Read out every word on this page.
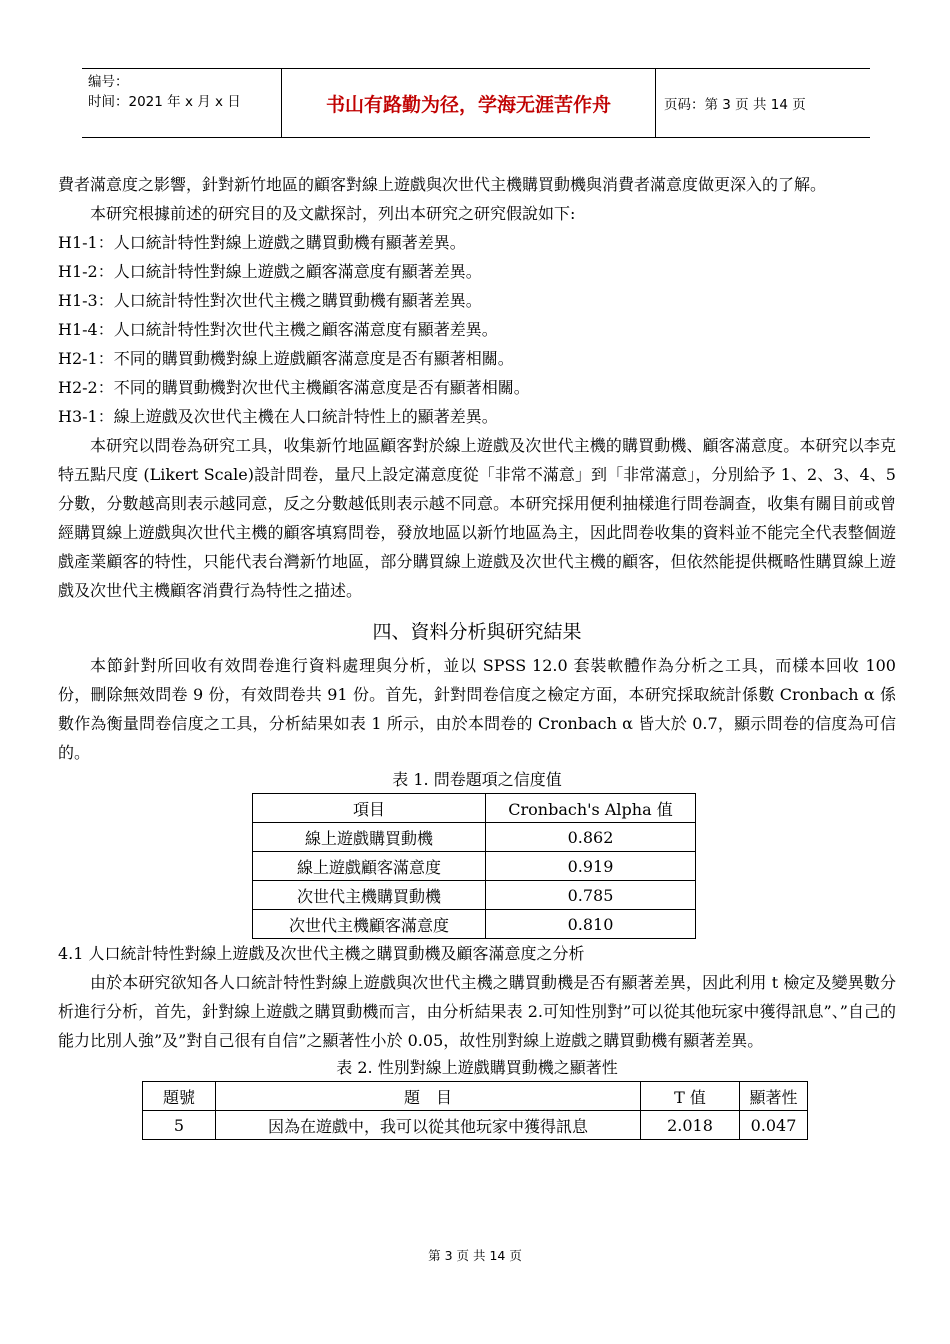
编号：
时间：2021 年 x 月 x 日	书山有路勤为径，学海无涯苦作舟	页码：第 3 页 共 14 页

費者滿意度之影響，針對新竹地區的顧客對線上遊戲與次世代主機購買動機與消費者滿意度做更深入的了解。

本研究根據前述的研究目的及文獻探討，列出本研究之研究假說如下:

H1-1：人口統計特性對線上遊戲之購買動機有顯著差異。

H1-2：人口統計特性對線上遊戲之顧客滿意度有顯著差異。

H1-3：人口統計特性對次世代主機之購買動機有顯著差異。

H1-4：人口統計特性對次世代主機之顧客滿意度有顯著差異。

H2-1：不同的購買動機對線上遊戲顧客滿意度是否有顯著相關。

H2-2：不同的購買動機對次世代主機顧客滿意度是否有顯著相關。

H3-1：線上遊戲及次世代主機在人口統計特性上的顯著差異。

本研究以問卷為研究工具，收集新竹地區顧客對於線上遊戲及次世代主機的購買動機、顧客滿意度。本研究以李克特五點尺度 (Likert Scale)設計問卷，量尺上設定滿意度從「非常不滿意」到「非常滿意」，分別給予 1、2、3、4、5 分數，分數越高則表示越同意，反之分數越低則表示越不同意。本研究採用便利抽樣進行問卷調查，收集有關目前或曾經購買線上遊戲與次世代主機的顧客填寫問卷，發放地區以新竹地區為主，因此問卷收集的資料並不能完全代表整個遊戲產業顧客的特性，只能代表台灣新竹地區，部分購買線上遊戲及次世代主機的顧客，但依然能提供概略性購買線上遊戲及次世代主機顧客消費行為特性之描述。

四、資料分析與研究結果

本節針對所回收有效問卷進行資料處理與分析，並以 SPSS 12.0 套裝軟體作為分析之工具，而樣本回收 100 份，刪除無效問卷 9 份，有效問卷共 91 份。首先，針對問卷信度之檢定方面，本研究採取統計係數 Cronbach α 係數作為衡量問卷信度之工具，分析結果如表 1 所示，由於本問卷的 Cronbach α 皆大於 0.7，顯示問卷的信度為可信的。

表 1. 問卷題項之信度值

項目	Cronbach's Alpha 值
線上遊戲購買動機	0.862
線上遊戲顧客滿意度	0.919
次世代主機購買動機	0.785
次世代主機顧客滿意度	0.810

4.1 人口統計特性對線上遊戲及次世代主機之購買動機及顧客滿意度之分析

由於本研究欲知各人口統計特性對線上遊戲與次世代主機之購買動機是否有顯著差異，因此利用 t 檢定及變異數分析進行分析，首先，針對線上遊戲之購買動機而言，由分析結果表 2.可知性別對”可以從其他玩家中獲得訊息”、”自己的能力比別人強”及”對自己很有自信”之顯著性小於 0.05，故性別對線上遊戲之購買動機有顯著差異。

表 2. 性別對線上遊戲購買動機之顯著性

題號	題　目	T 值	顯著性
5	因為在遊戲中，我可以從其他玩家中獲得訊息	2.018	0.047
第 3 页 共 14 页
